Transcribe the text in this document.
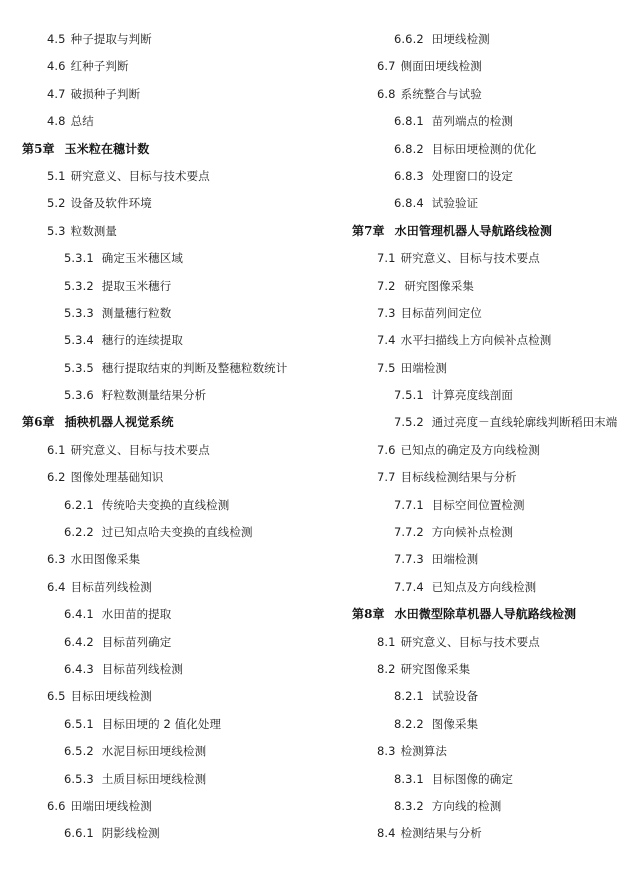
4.5 种子提取与判断
4.6 红种子判断
4.7 破损种子判断
4.8 总结
第5章 玉米粒在穗计数
5.1 研究意义、目标与技术要点
5.2 设备及软件环境
5.3 粒数测量
5.3.1 确定玉米穗区域
5.3.2 提取玉米穗行
5.3.3 测量穗行粒数
5.3.4 穗行的连续提取
5.3.5 穗行提取结束的判断及整穗粒数统计
5.3.6 籽粒数测量结果分析
第6章 插秧机器人视觉系统
6.1 研究意义、目标与技术要点
6.2 图像处理基础知识
6.2.1 传统哈夫变换的直线检测
6.2.2 过已知点哈夫变换的直线检测
6.3 水田图像采集
6.4 目标苗列线检测
6.4.1 水田苗的提取
6.4.2 目标苗列确定
6.4.3 目标苗列线检测
6.5 目标田埂线检测
6.5.1 目标田埂的 2 值化处理
6.5.2 水泥目标田埂线检测
6.5.3 土质目标田埂线检测
6.6 田端田埂线检测
6.6.1 阴影线检测
6.6.2 田埂线检测
6.7 侧面田埂线检测
6.8 系统整合与试验
6.8.1 苗列端点的检测
6.8.2 目标田埂检测的优化
6.8.3 处理窗口的设定
6.8.4 试验验证
第7章 水田管理机器人导航路线检测
7.1 研究意义、目标与技术要点
7.2 研究图像采集
7.3 目标苗列间定位
7.4 水平扫描线上方向候补点检测
7.5 田端检测
7.5.1 计算亮度线剖面
7.5.2 通过亮度－直线轮廓线判断稻田末端
7.6 已知点的确定及方向线检测
7.7 目标线检测结果与分析
7.7.1 目标空间位置检测
7.7.2 方向候补点检测
7.7.3 田端检测
7.7.4 已知点及方向线检测
第8章 水田微型除草机器人导航路线检测
8.1 研究意义、目标与技术要点
8.2 研究图像采集
8.2.1 试验设备
8.2.2 图像采集
8.3 检测算法
8.3.1 目标图像的确定
8.3.2 方向线的检测
8.4 检测结果与分析
